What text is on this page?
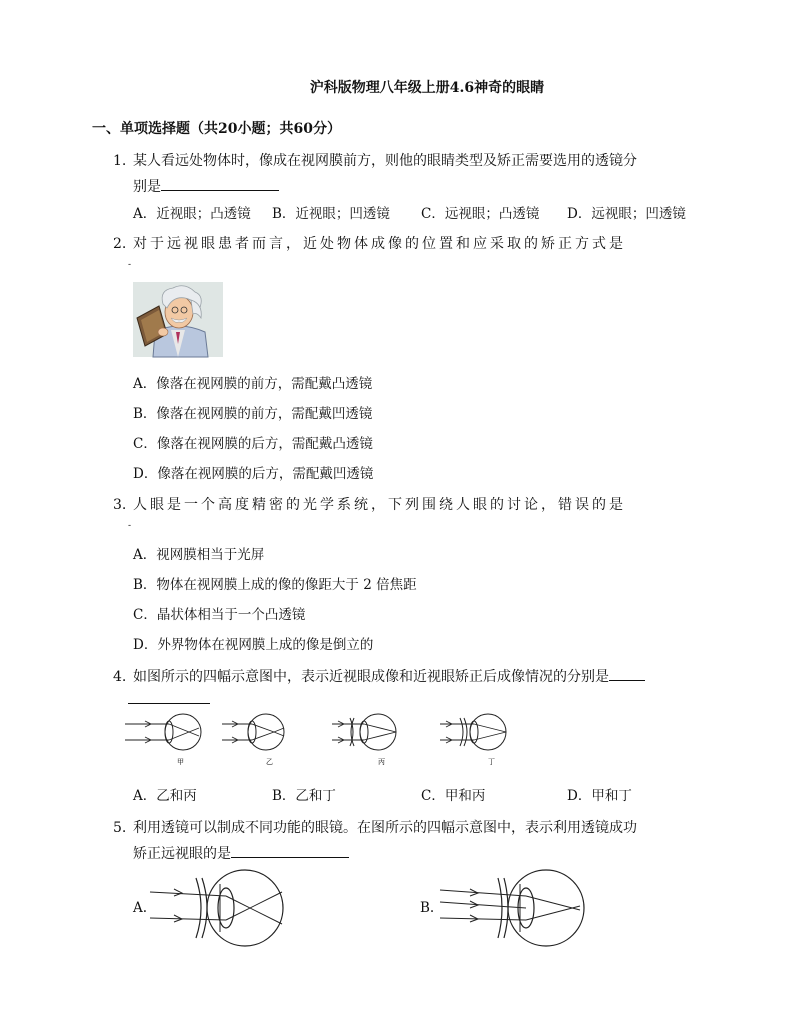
沪科版物理八年级上册4.6神奇的眼睛
一、单项选择题（共20小题；共60分）
1. 某人看远处物体时，像成在视网膜前方，则他的眼睛类型及矫正需要选用的透镜分
别是
A．近视眼；凸透镜 B．近视眼；凹透镜 C．远视眼；凸透镜 D．远视眼；凹透镜
2. 对于远视眼患者而言，近处物体成像的位置和应采取的矫正方式是
-
A．像落在视网膜的前方，需配戴凸透镜
B．像落在视网膜的前方，需配戴凹透镜
C．像落在视网膜的后方，需配戴凸透镜
D．像落在视网膜的后方，需配戴凹透镜
3. 人眼是一个高度精密的光学系统，下列围绕人眼的讨论，错误的是
-
A．视网膜相当于光屏
B．物体在视网膜上成的像的像距大于 2 倍焦距
C．晶状体相当于一个凸透镜
D．外界物体在视网膜上成的像是倒立的
4. 如图所示的四幅示意图中，表示近视眼成像和近视眼矫正后成像情况的分别是
甲	乙	丙	丁
A．乙和丙	B．乙和丁	C．甲和丙	D．甲和丁
5. 利用透镜可以制成不同功能的眼镜。在图所示的四幅示意图中，表示利用透镜成功
矫正远视眼的是
A.	B.
